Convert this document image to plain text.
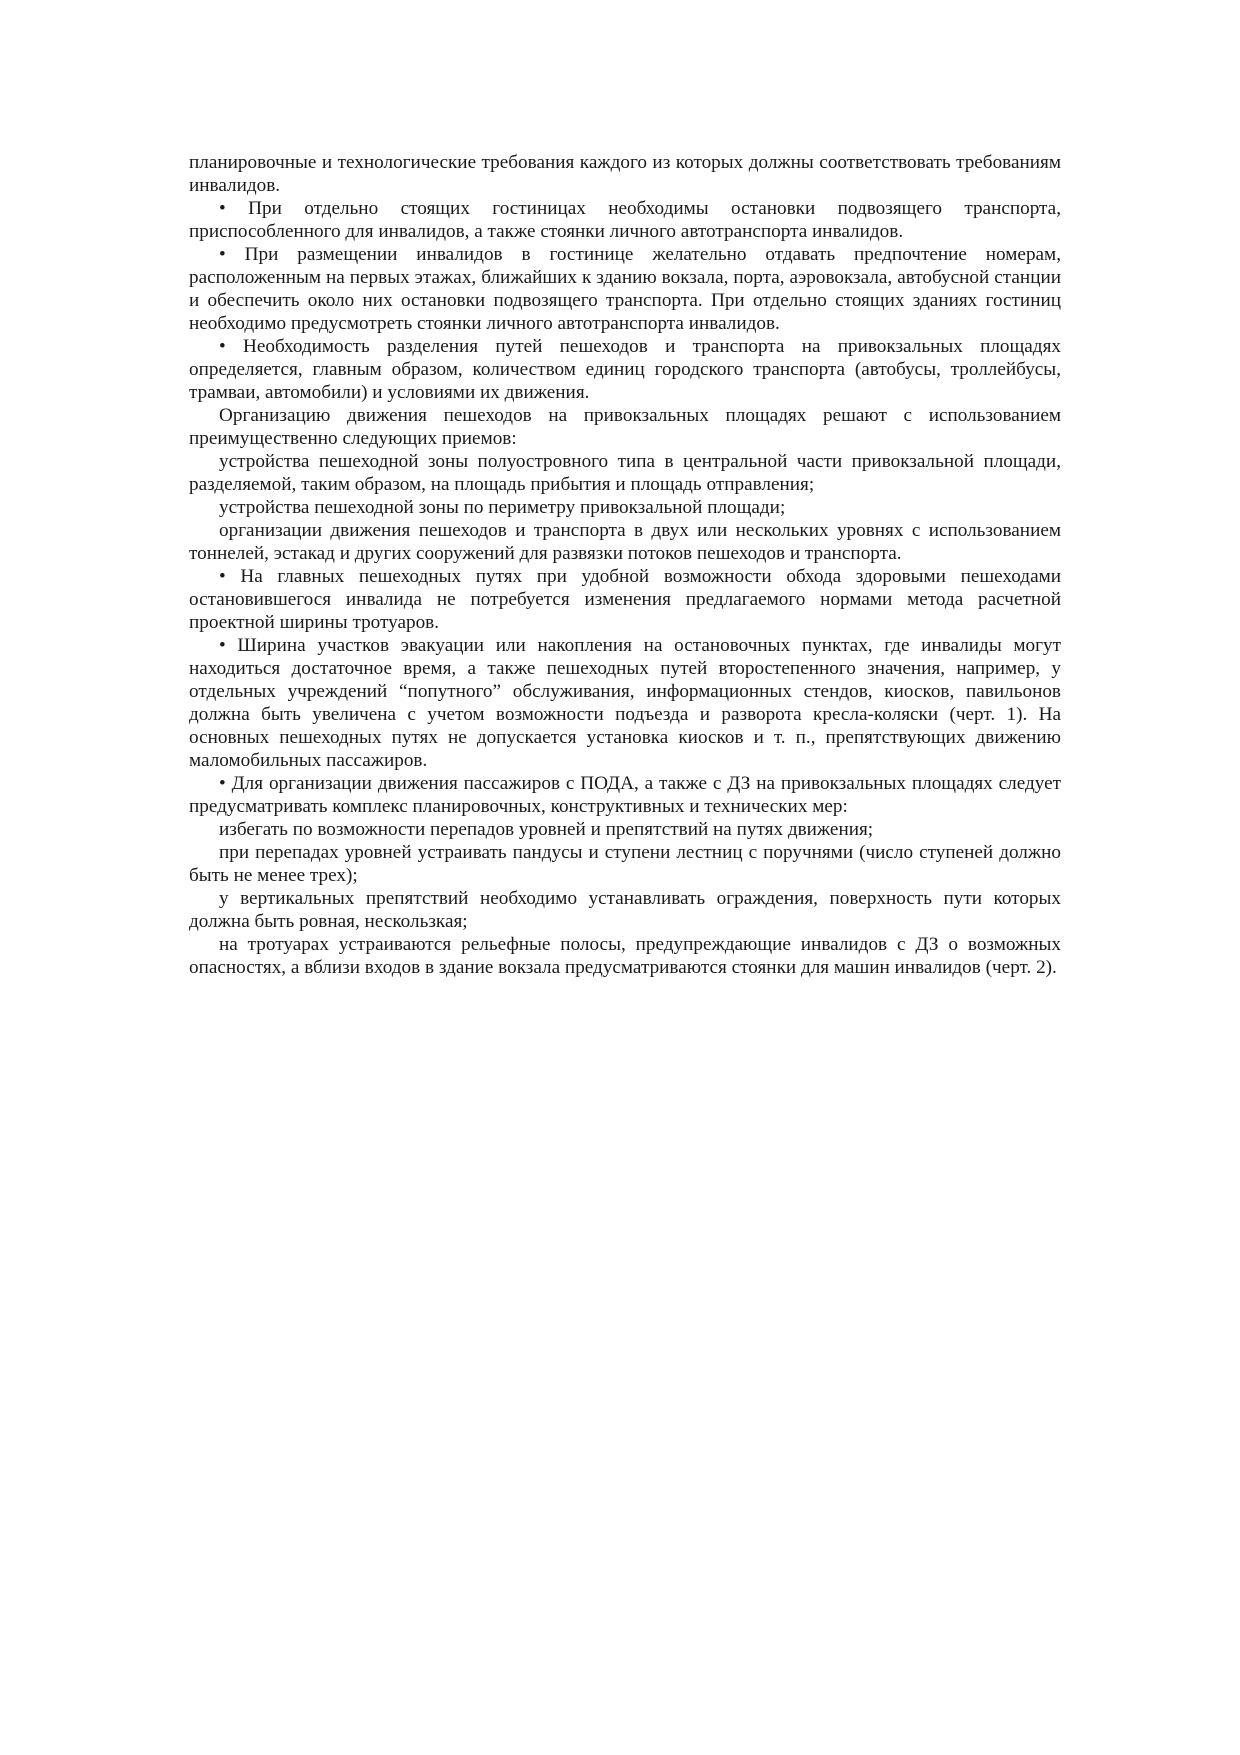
планировочные и технологические требования каждого из которых должны соответствовать требованиям инвалидов.

• При отдельно стоящих гостиницах необходимы остановки подвозящего транспорта, приспособленного для инвалидов, а также стоянки личного автотранспорта инвалидов.

• При размещении инвалидов в гостинице желательно отдавать предпочтение номерам, расположенным на первых этажах, ближайших к зданию вокзала, порта, аэровокзала, автобусной станции и обеспечить около них остановки подвозящего транспорта. При отдельно стоящих зданиях гостиниц необходимо предусмотреть стоянки личного автотранспорта инвалидов.

• Необходимость разделения путей пешеходов и транспорта на привокзальных площадях определяется, главным образом, количеством единиц городского транспорта (автобусы, троллейбусы, трамваи, автомобили) и условиями их движения.

Организацию движения пешеходов на привокзальных площадях решают с использованием преимущественно следующих приемов:

устройства пешеходной зоны полуостровного типа в центральной части привокзальной площади, разделяемой, таким образом, на площадь прибытия и площадь отправления;

устройства пешеходной зоны по периметру привокзальной площади;

организации движения пешеходов и транспорта в двух или нескольких уровнях с использованием тоннелей, эстакад и других сооружений для развязки потоков пешеходов и транспорта.

• На главных пешеходных путях при удобной возможности обхода здоровыми пешеходами остановившегося инвалида не потребуется изменения предлагаемого нормами метода расчетной проектной ширины тротуаров.

• Ширина участков эвакуации или накопления на остановочных пунктах, где инвалиды могут находиться достаточное время, а также пешеходных путей второстепенного значения, например, у отдельных учреждений “попутного” обслуживания, информационных стендов, киосков, павильонов должна быть увеличена с учетом возможности подъезда и разворота кресла-коляски (черт. 1). На основных пешеходных путях не допускается установка киосков и т. п., препятствующих движению маломобильных пассажиров.

• Для организации движения пассажиров с ПОДА, а также с ДЗ на привокзальных площадях следует предусматривать комплекс планировочных, конструктивных и технических мер:

избегать по возможности перепадов уровней и препятствий на путях движения;

при перепадах уровней устраивать пандусы и ступени лестниц с поручнями (число ступеней должно быть не менее трех);

у вертикальных препятствий необходимо устанавливать ограждения, поверхность пути которых должна быть ровная, нескользкая;

на тротуарах устраиваются рельефные полосы, предупреждающие инвалидов с ДЗ о возможных опасностях, а вблизи входов в здание вокзала предусматриваются стоянки для машин инвалидов (черт. 2).
